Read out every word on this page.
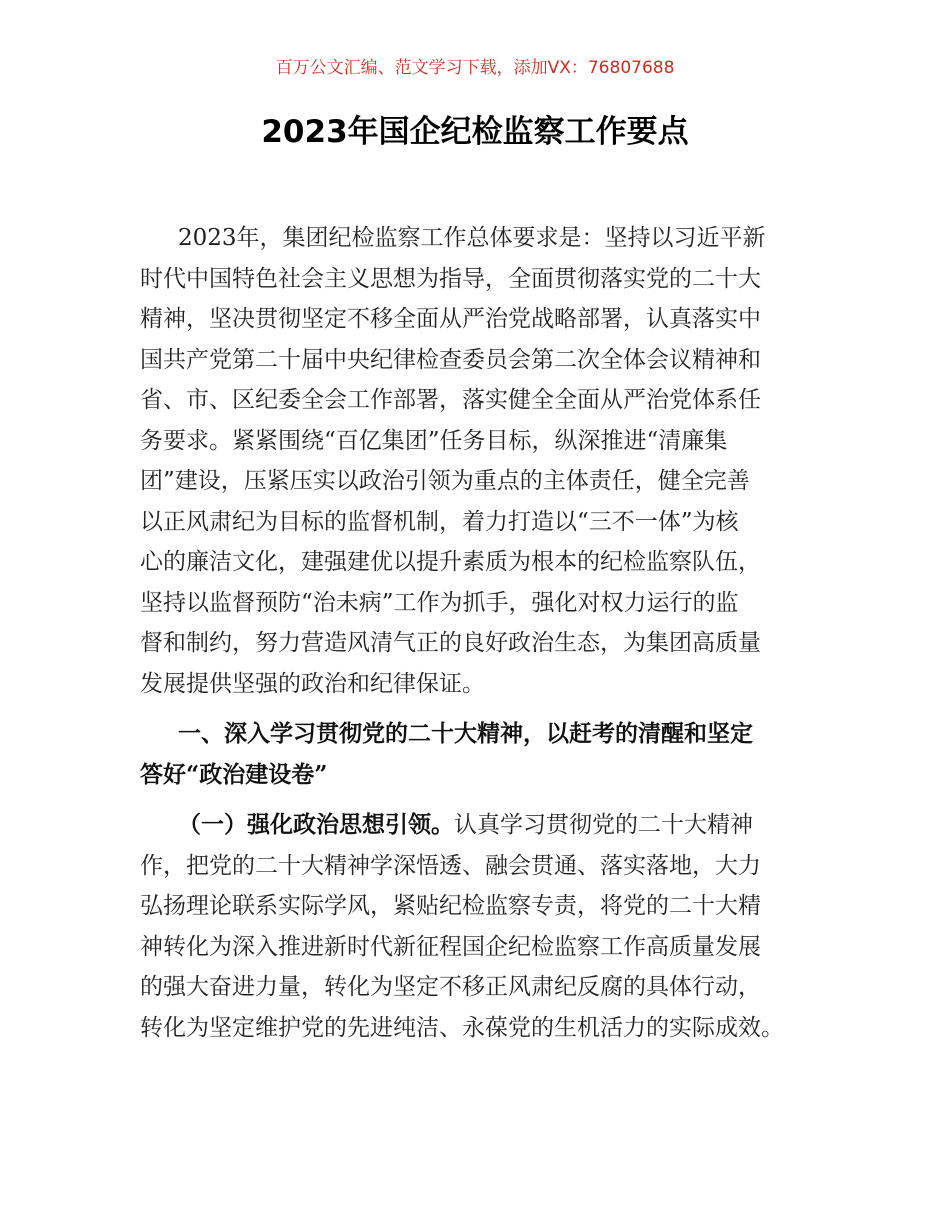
百万公文汇编、范文学习下载，添加VX：76807688
2023年国企纪检监察工作要点
2023年，集团纪检监察工作总体要求是：坚持以习近平新
时代中国特色社会主义思想为指导，全面贯彻落实党的二十大
精神，坚决贯彻坚定不移全面从严治党战略部署，认真落实中
国共产党第二十届中央纪律检查委员会第二次全体会议精神和
省、市、区纪委全会工作部署，落实健全全面从严治党体系任
务要求。紧紧围绕“百亿集团”任务目标，纵深推进“清廉集
团”建设，压紧压实以政治引领为重点的主体责任，健全完善
以正风肃纪为目标的监督机制，着力打造以“三不一体”为核
心的廉洁文化，建强建优以提升素质为根本的纪检监察队伍，
坚持以监督预防“治未病”工作为抓手，强化对权力运行的监
督和制约，努力营造风清气正的良好政治生态，为集团高质量
发展提供坚强的政治和纪律保证。
一、深入学习贯彻党的二十大精神，以赶考的清醒和坚定
答好“政治建设卷”
（一）强化政治思想引领。认真学习贯彻党的二十大精神
作，把党的二十大精神学深悟透、融会贯通、落实落地，大力
弘扬理论联系实际学风，紧贴纪检监察专责，将党的二十大精
神转化为深入推进新时代新征程国企纪检监察工作高质量发展
的强大奋进力量，转化为坚定不移正风肃纪反腐的具体行动，
转化为坚定维护党的先进纯洁、永葆党的生机活力的实际成效。
